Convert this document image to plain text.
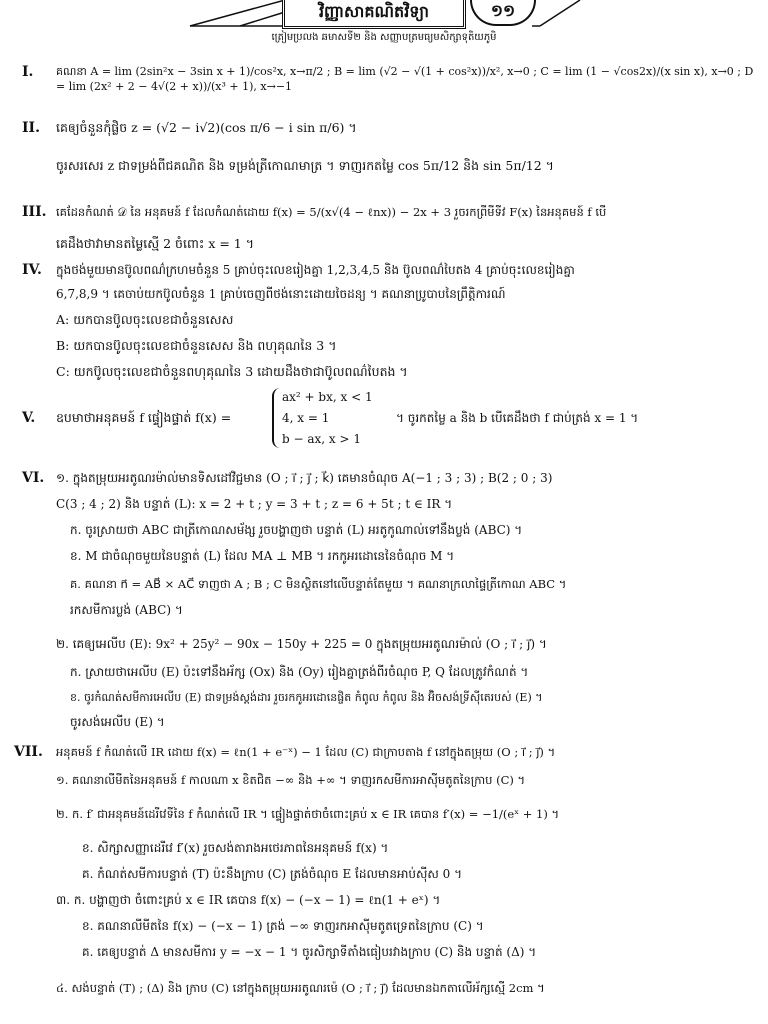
វិញ្ញាសាគណិតវិទ្យា	១១
ត្រៀមប្រលង ឆមាសទី២ និង សញ្ញាបត្រមធ្យមសិក្សាទុតិយភូមិ
I. គណនា A = lim (2sin²x − 3sin x + 1)/cos²x, x→π/2 ; B = lim (√2 − √(1 + cos²x))/x², x→0 ; C = lim (1 − √cos2x)/(x sin x), x→0 ; D = lim (2x² + 2 − 4√(2 + x))/(x³ + 1), x→−1
II. គេឲ្យចំនួនកុំផ្លិច z = (√2 − i√2)(cos π/6 − i sin π/6) ។
ចូរសរសេរ z ជាទម្រង់ពីជគណិត និង ទម្រង់ត្រីកោណមាត្រ ។ ទាញរកតម្លៃ cos 5π/12 និង sin 5π/12 ។
III. គេដែនកំណត់ 𝒟 នៃ អនុគមន៍ f ដែលកំណត់ដោយ f(x) = 5/(x√(4 − ℓnx)) − 2x + 3 រួចរកព្រីមីទីវ F(x) នៃអនុគមន៍ f បើ
គេដឹងថាវាមានតម្លៃស្មើ 2 ចំពោះ x = 1 ។
IV. ក្នុងថង់មួយមានប៊ូលពណ៌ក្រហមចំនួន 5 គ្រាប់ចុះលេខរៀងគ្នា 1,2,3,4,5 និង ប៊ូលពណ៌បៃតង 4 គ្រាប់ចុះលេខរៀងគ្នា
6,7,8,9 ។ គេចាប់យកប៊ូលចំនួន 1 គ្រាប់ចេញពីថង់នោះដោយចៃដន្យ ។ គណនាប្រូបាបនៃព្រឹត្តិការណ៍
A: យកបានប៊ូលចុះលេខជាចំនួនសេស
B: យកបានប៊ូលចុះលេខជាចំនួនសេស និង ពហុគុណនៃ 3 ។
C: យកប៊ូលចុះលេខជាចំនួនពហុគុណនៃ 3 ដោយដឹងថាជាប៊ូលពណ៌បៃតង ។
V. ឧបមាថាអនុគមន៍ f ផ្ទៀងផ្ទាត់ f(x) =
ax² + bx, x < 1
4, x = 1
b − ax, x > 1
។ ចូរកតម្លៃ a និង b បើគេដឹងថា f ជាប់ត្រង់ x = 1 ។
VI. ១. ក្នុងតម្រុយអរតូណរម៉ាល់មានទិសដៅវិជ្ជមាន (O ; i⃗ ; j⃗ ; k⃗) គេមានចំណុច A(−1 ; 3 ; 3) ; B(2 ; 0 ; 3)
C(3 ; 4 ; 2) និង បន្ទាត់ (L): x = 2 + t ; y = 3 + t ; z = 6 + 5t ; t ∈ IR ។
ក. ចូរស្រាយថា ABC ជាត្រីកោណសម័ង្ស រួចបង្ហាញថា បន្ទាត់ (L) អរតូកូណាល់ទៅនឹងប្លង់ (ABC) ។
ខ. M ជាចំណុចមួយនៃបន្ទាត់ (L) ដែល MA ⊥ MB ។ រកកូអរដោនេនៃចំណុច M ។
គ. គណនា n⃗ = AB⃗ × AC⃗ ទាញថា A ; B ; C មិនស្ថិតនៅលើបន្ទាត់តែមួយ ។ គណនាក្រលាផ្ទៃត្រីកោណ ABC ។
រកសមីការប្លង់ (ABC) ។
២. គេឲ្យអេលីប (E): 9x² + 25y² − 90x − 150y + 225 = 0 ក្នុងតម្រុយអរតូណរម៉ាល់ (O ; i⃗ ; j⃗) ។
ក. ស្រាយថាអេលីប (E) ប៉ះទៅនឹងអ័ក្ស (Ox) និង (Oy) រៀងគ្នាត្រង់ពីរចំណុច P, Q ដែលត្រូវកំណត់ ។
ខ. ចូរកំណត់សមីការអេលីប (E) ជាទម្រង់ស្តង់ដារ រួចរកកូអរដោនេផ្ចិត កំពូល កំពូល និង អ៊ិចសង់ទ្រីស៊ីតេរបស់ (E) ។
ចូរសង់អេលីប (E) ។
VII. អនុគមន៍ f កំណត់លើ IR ដោយ f(x) = ℓn(1 + e⁻ˣ) − 1 ដែល (C) ជាក្រាបតាង f នៅក្នុងតម្រុយ (O ; i⃗ ; j⃗) ។
១. គណនាលីមីតនៃអនុគមន៍ f កាលណា x ខិតជិត −∞ និង +∞ ។ ទាញរកសមីការអាស៊ីមតូតនៃក្រាប (C) ។
២. ក. f′ ជាអនុគមន៍ដេរីវេទីនៃ f កំណត់លើ IR ។ ផ្ទៀងផ្ទាត់ថាចំពោះគ្រប់ x ∈ IR គេបាន f′(x) = −1/(eˣ + 1) ។
ខ. សិក្សាសញ្ញាដេរីវេ f′(x) រួចសង់តារាងអថេរភាពនៃអនុគមន៍ f(x) ។
គ. កំណត់សមីការបន្ទាត់ (T) ប៉ះនឹងក្រាប (C) ត្រង់ចំណុច E ដែលមានអាប់ស៊ីស 0 ។
៣. ក. បង្ហាញថា ចំពោះគ្រប់ x ∈ IR គេបាន f(x) − (−x − 1) = ℓn(1 + eˣ) ។
ខ. គណនាលីមីតនៃ f(x) − (−x − 1) ត្រង់ −∞ ទាញរកអាស៊ីមតូតទ្រេតនៃក្រាប (C) ។
គ. គេឲ្យបន្ទាត់ Δ មានសមីការ y = −x − 1 ។ ចូរសិក្សាទីតាំងធៀបរវាងក្រាប (C) និង បន្ទាត់ (Δ) ។
៤. សង់បន្ទាត់ (T) ; (Δ) និង ក្រាប (C) នៅក្នុងតម្រុយអរតូណរម៉េ (O ; i⃗ ; j⃗) ដែលមានឯកតាលើអ័ក្សស្មើ 2cm ។
